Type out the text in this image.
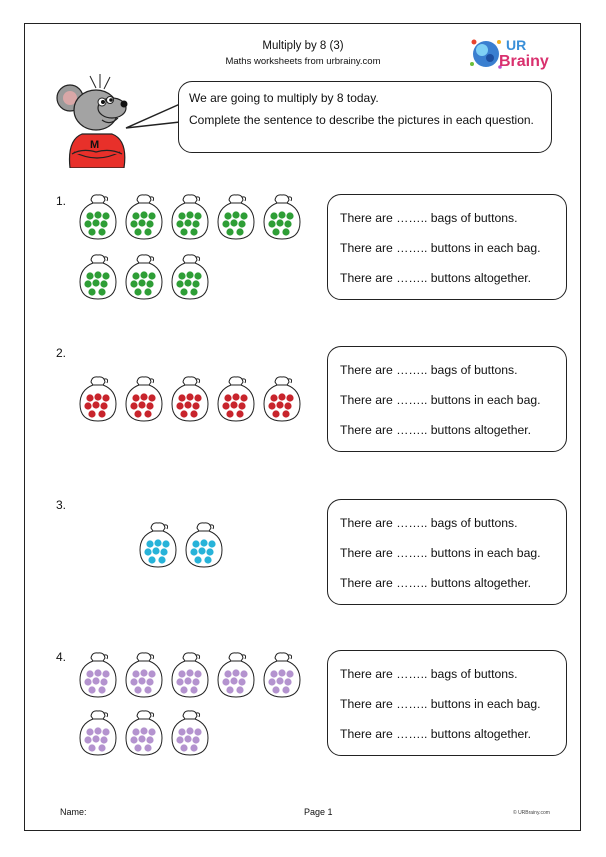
Multiply by 8 (3)
Maths worksheets from urbrainy.com
UR
Brainy
M

We are going to multiply by 8 today.

Complete the sentence to describe the pictures in each question.

1.
There are …….. bags of buttons.
There are …….. buttons in each bag.
There are …….. buttons altogether.
2.
There are …….. bags of buttons.
There are …….. buttons in each bag.
There are …….. buttons altogether.
3.
There are …….. bags of buttons.
There are …….. buttons in each bag.
There are …….. buttons altogether.
4.
There are …….. bags of buttons.
There are …….. buttons in each bag.
There are …….. buttons altogether.
Name:	Page 1	© URBrainy.com
